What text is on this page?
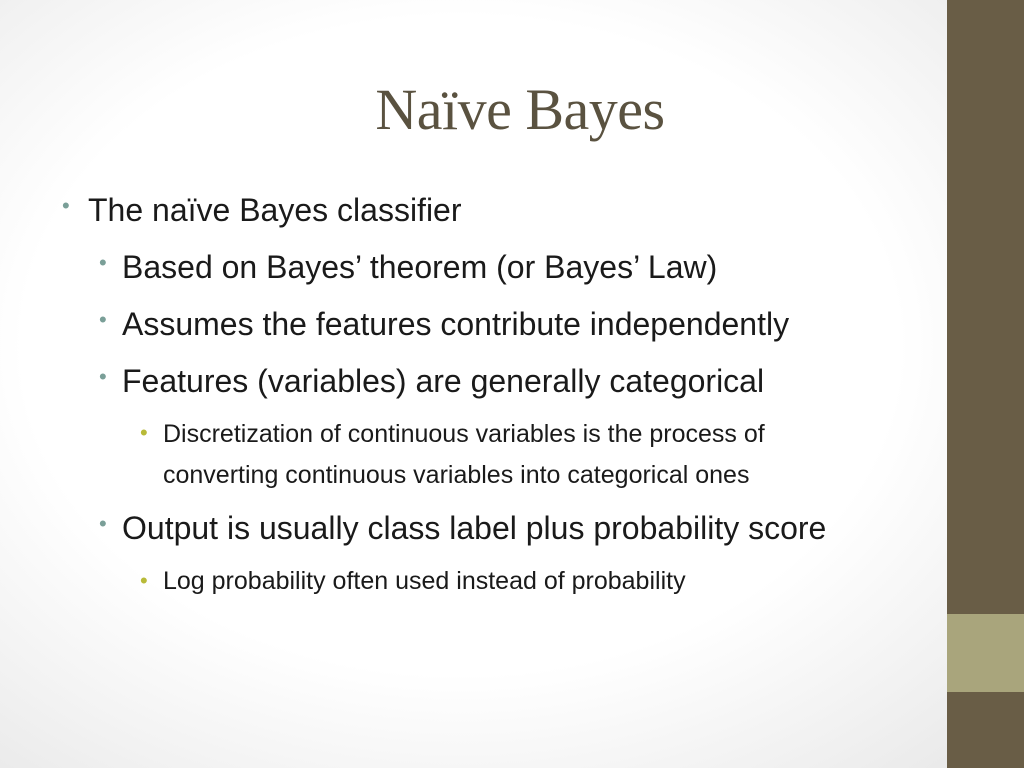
Naïve Bayes
• The naïve Bayes classifier
• Based on Bayes’ theorem (or Bayes’ Law)
• Assumes the features contribute independently
• Features (variables) are generally categorical
• Discretization of continuous variables is the process of
converting continuous variables into categorical ones
• Output is usually class label plus probability score
• Log probability often used instead of probability
